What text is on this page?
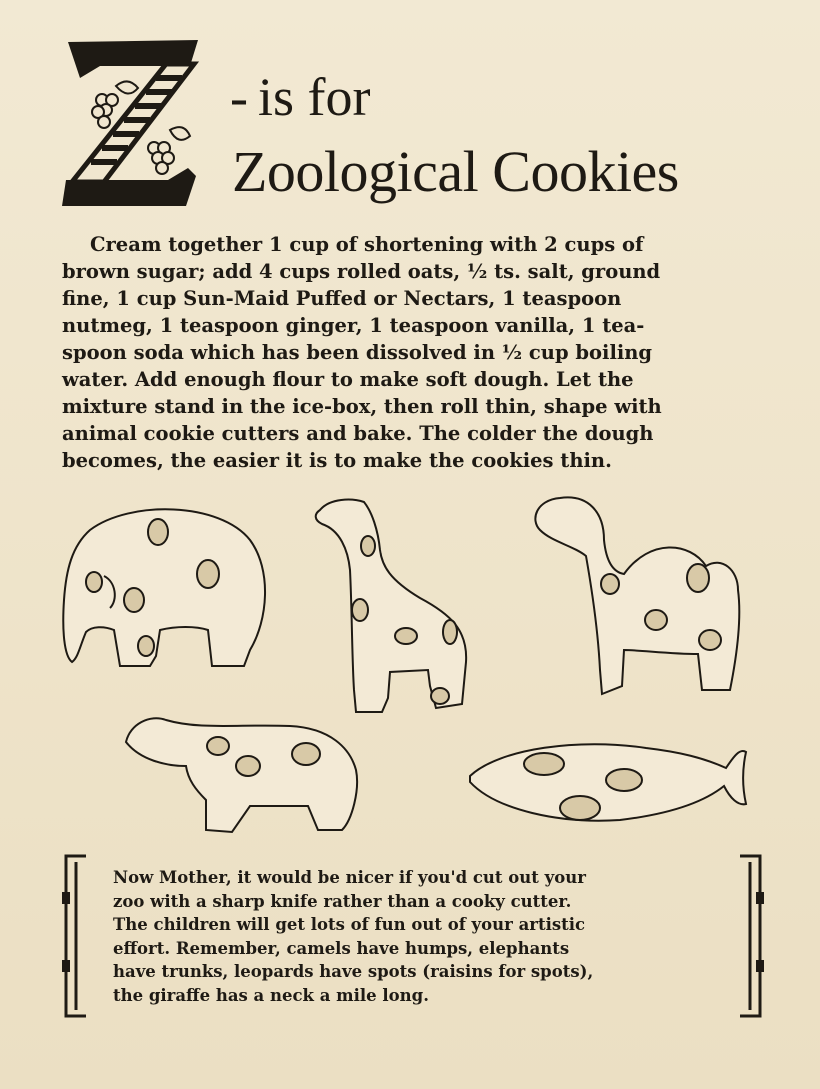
- is for
Zoological Cookies
Cream together 1 cup of shortening with 2 cups of
brown sugar; add 4 cups rolled oats, ½ ts. salt, ground
fine, 1 cup Sun-Maid Puffed or Nectars, 1 teaspoon
nutmeg, 1 teaspoon ginger, 1 teaspoon vanilla, 1 tea-
spoon soda which has been dissolved in ½ cup boiling
water. Add enough flour to make soft dough. Let the
mixture stand in the ice-box, then roll thin, shape with
animal cookie cutters and bake. The colder the dough
becomes, the easier it is to make the cookies thin.
Now Mother, it would be nicer if you'd cut out your
zoo with a sharp knife rather than a cooky cutter.
The children will get lots of fun out of your artistic
effort. Remember, camels have humps, elephants
have trunks, leopards have spots (raisins for spots),
the giraffe has a neck a mile long.
